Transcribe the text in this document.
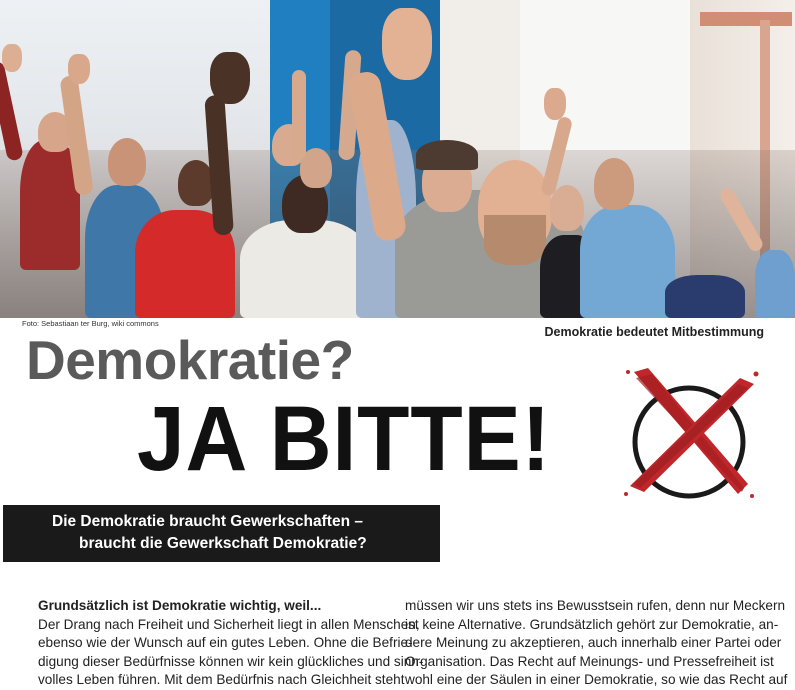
Foto: Sebastiaan ter Burg, wiki commons
Demokratie bedeutet Mitbestimmung
Demokratie?
JA BITTE!
Die Demokratie braucht Gewerkschaften –
braucht die Gewerkschaft Demokratie?

Grundsätzlich ist Demokratie wichtig, weil...

Der Drang nach Freiheit und Sicherheit liegt in allen Menschen,

ebenso wie der Wunsch auf ein gutes Leben. Ohne die Befrie-

digung dieser Bedürfnisse können wir kein glückliches und sinn-

volles Leben führen. Mit dem Bedürfnis nach Gleichheit steht

müssen wir uns stets ins Bewusstsein rufen, denn nur Meckern

ist keine Alternative. Grundsätzlich gehört zur Demokratie, an-

dere Meinung zu akzeptieren, auch innerhalb einer Partei oder

Organisation. Das Recht auf Meinungs- und Pressefreiheit ist

wohl eine der Säulen in einer Demokratie, so wie das Recht auf
